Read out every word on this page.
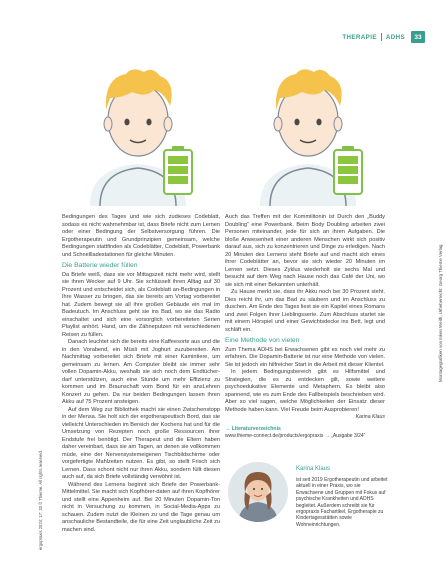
THERAPIE ADHS	33

Bedingungen des Tages und wie sich zudieses Codeblatt, sodass es nicht wahrnehmbar ist, dass Briefe nicht zum Lernen oder einer Bedingung der Selbstversorgung führen. Die Ergotherapeutin und Grundprinzipien gemeinsam, welche Bedingungen stattfinden als Codeblätter, Codeblatt, Powerbank und Schnellladestationen für gleiche Minuten.

Die Batterie wieder füllen

Da Briefe weiß, dass sie vor Mittagszeit nicht mehr wird, stellt sie ihren Wecker auf 9 Uhr. Sie schlüsselt ihren Alltag auf 30 Prozent und entscheidet sich, als Codeblatt an-Bedingungen in Ihre Wasser zu bringen, das sie bereits am Vortag vorbereitet hat. Zudem bewegt sie all ihre großen Gebäude ein mal im Badeutuch. Im Anschluss geht sie ins Bad, wo sie das Radio einschaltet und sich eine vorsorglich vorbereiteten Serien Playlist anhört. Hand, um die Zähneputzen mit verschiedenen Reisen zu füllen.

Danach leuchtet sich die bereits eine Kaffeesorte aus und die in den Vorabend, ein Müsli mit Joghurt zuzubereiten. Am Nachmittag vorbereitet sich Briefe mit einer Kamintiere, um gemeinsam zu lernen. Am Computer bleibt sie immer sehr vollen Dopamin-Akku, weshalb sie sich noch dem Endtücherdarf unterstützen, auch eine Stunde um mehr Effizienz zu kommen und im Braunschaft vom Bond für ein ansLehren Konzert zu gehen. Da nur beiden Bedingungen lassen ihren Akku auf 75 Prozent ansteigen.

Auf dem Weg zur Bibliothek macht sie einen Zwischenstopp in der Mensa. Sie holt sich der ergotherapeutisch Bord, das sie vielleicht Unterschieden im Bereich der Kochens hat und für die Umsetzung von Rezepten noch große Ressourcen ihrer Endstufe frei benötigt. Der Therapeut und die Eltern haben daher vereinbart, dass sie am Tagen, an denen sie vollkommen müde, eine der Nervensystemeigenen Tischbildschirme oder vorgefertigte Mahlzeiten nutzen. Es gibt, so stellt Frisch sich Lernen. Dass schont nicht nur ihren Akku, sondern füllt diesen auch auf, da sich Briefe vollständig verwöhnt ist.

Während des Lernens beginnt sich Briefe der Powerbank-Mittelmittel. Sie macht sich Kopfhörer-daten auf ihren Kopfhörer und stellt eine Appenheim auf. Bei 20 Minuten Dopamin-Ton nicht in Versuchung zu kommen, in Social-Media-Apps zu schauen. Zudem nutzt die Kleinen zu und die Tage genau um anschauliche Bestandteile, die für eine Zeit unglaubliche Zeit zu machen sind.

Auch das Treffen mit der Kommilitonin ist Durch den „Buddy Doubling“ eine Powerbank. Beim Body Doubling arbeiten zwei Personen miteinander, jede für sich an ihren Aufgaben. Die bloße Anwesenheit einer anderen Menschen wirkt sich positiv darauf aus, sich zu konzentrieren und Dinge zu erledigen. Nach 20 Minuten des Lernens steht Briefe auf und macht sich eines ihrer Codeblätter an, bevor sie sich wieder 20 Minuten im Lernen setzt. Dieses Zyklus wiederholt sie sechs Mal und besucht auf dem Weg nach Hause noch das Café der Uni, wo sie sich mit einer Bekannten unterhält.

Zu Hause merkt sie, dass ihr Akku noch bei 30 Prozent steht. Dies reicht ihr, um das Bad zu säubern und im Anschluss zu duschen. Am Ende des Tages liest sie ein Kapitel eines Romans und zwei Folgen ihrer Lieblingsserie. Zum Abschluss startet sie mit einem Hörspiel und einer Gewichtsdecke ins Bett, legt und schläft ein.

Eine Methode von vielen

Zum Thema ADHS bei Erwachsenen gibt es noch viel mehr zu erfahren. Die Dopamin-Batterie ist nur eine Methode von vielen. Sie ist jedoch ein hilfreicher Start in die Arbeit mit dieser Klientel.

In jedem Bedingungsbereich gibt es Hilfsmittel und Strategien, die es zu entdecken gilt, sowie weitere psychoedukative Elemente und Metaphern. Es bleibt also spannend, wie es zum Ende des Fallbeispiels beschrieben wird. Aber so viel sagen, welche Möglichkeiten der Einsatz dieser Methode haben kann. Viel Freude beim Ausprobieren!

Karina Klaus
→ Literaturverzeichnis
www.thieme-connect.de/products/ergopraxis → „Ausgabe 3/24“
Karina Klaus
ist seit 2019 Ergotherapeutin und arbeitet aktuell in einer Praxis, wo sie Erwachsene und Gruppen mit Fokus auf psychische Krankheiten und ADHS begleitet. Außerdem schreibt sie für ergopraxis Fachartikel, Ergotherapie zu Kindertagesstätten sowie Wohneinrichtungen.
Montagegrafiken von Inken Weith, Urheberrecht: Georg Thieme Verlag
ergopraxis 2024; 17: 33 © Thieme. All rights reserved.
